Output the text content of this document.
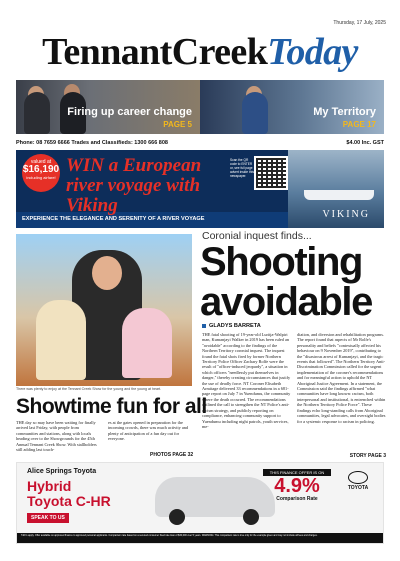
Thursday, 17 July, 2025
TennantCreekToday
Firing up career change
PAGE 5
My Territory
PAGE 17
Phone: 08 7659 6666 Trades and Classifieds: 1300 666 808	$4.00 Inc. GST
valued at
$16,190
including airfare!
WIN a European river voyage with Viking
Scan the QR code to ENTER or, see full page advert inside this newspaper.
VIKING
EXPERIENCE THE ELEGANCE AND SERENITY OF A RIVER VOYAGE
There was plenty to enjoy at the Tennant Creek Show for the young and the young at heart.
Showtime fun for all

THE day so may have been waiting for finally arrived last Friday, with people from communities and stations, along with locals heading over to the Showgrounds for the 45th Annual Tennant Creek Show. With stallholders still adding last touch-

es at the gates opened in preparation for the incoming crowds, there was much activity and plenty of anticipation of a fun day out for everyone.

PHOTOS PAGE 32
Coronial inquest finds...
Shooting avoidable
GLADYS BARRETA

THE fatal shooting of 19-year-old Luritja-Walpiri man, Kumanjayi Walker in 2019 has been ruled an "avoidable" according to the findings of the Northern Territory coronial inquest. The inquest found the fatal shots fired by former Northern Territory Police Officer Zachary Rolfe were the result of "officer-induced jeopardy", a situation in which officers "needlessly put themselves in danger," thereby creating circumstances that justify the use of deadly force. NT Coroner Elisabeth Armitage delivered 33 recommendations in a 681-page report on July 7 in Yuendumu, the community where the death occurred. The recommendations outlined the call to strengthen the NT Police's anti-racism strategy, and publicly reporting on compliance, enhancing community support to Yuendumu including night patrols, youth services, me-

diation, and diversion and rehabilitation programs. The report found that aspects of Mr Rolfe's personality and beliefs "contextually affected his behaviour on 9 November 2019", contributing to the "disastrous arrest of Kumanjayi, and the tragic events that followed". The Northern Territory Anti-Discrimination Commission called for the urgent implementation of the coroner's recommendations and for meaningful action to uphold the NT Aboriginal Justice Agreement. In a statement, the Commission said the findings affirmed "what communities have long known: racism, both interpersonal and institutional, is entrenched within the Northern Territory Police Force". These findings echo long-standing calls from Aboriginal communities, legal advocates, and oversight bodies for a systemic response to racism in policing.

STORY PAGE 3
Alice Springs Toyota
Hybrid
Toyota C-HR
SPEAK TO US
THIS FINANCE OFFER IS ON
4.9%
Comparison Rate
TOYOTA
T&C's apply. Offer available on approved finance to approved personal applicants. Comparison rate based on a secured consumer fixed rate loan of $30,000 over 5 years. WARNING: This comparison rate is true only for the example given and may not include all fees and charges.
